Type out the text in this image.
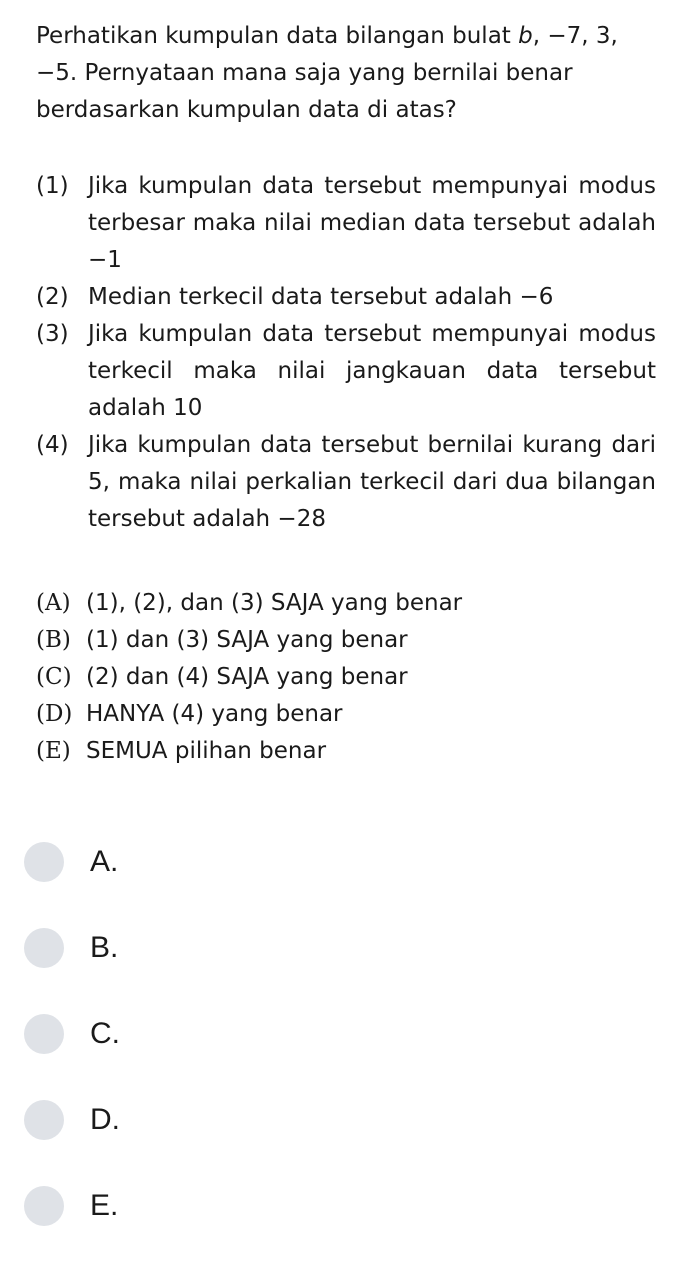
Perhatikan kumpulan data bilangan bulat b, −7, 3,
−5. Pernyataan mana saja yang bernilai benar
berdasarkan kumpulan data di atas?
(1) Jika kumpulan data tersebut mempunyai modus terbesar maka nilai median data tersebut adalah −1
(2) Median terkecil data tersebut adalah −6
(3) Jika kumpulan data tersebut mempunyai modus terkecil maka nilai jangkauan data tersebut adalah 10
(4) Jika kumpulan data tersebut bernilai kurang dari 5, maka nilai perkalian terkecil dari dua bilangan tersebut adalah −28
(A) (1), (2), dan (3) SAJA yang benar
(B) (1) dan (3) SAJA yang benar
(C) (2) dan (4) SAJA yang benar
(D) HANYA (4) yang benar
(E) SEMUA pilihan benar
A.
B.
C.
D.
E.
